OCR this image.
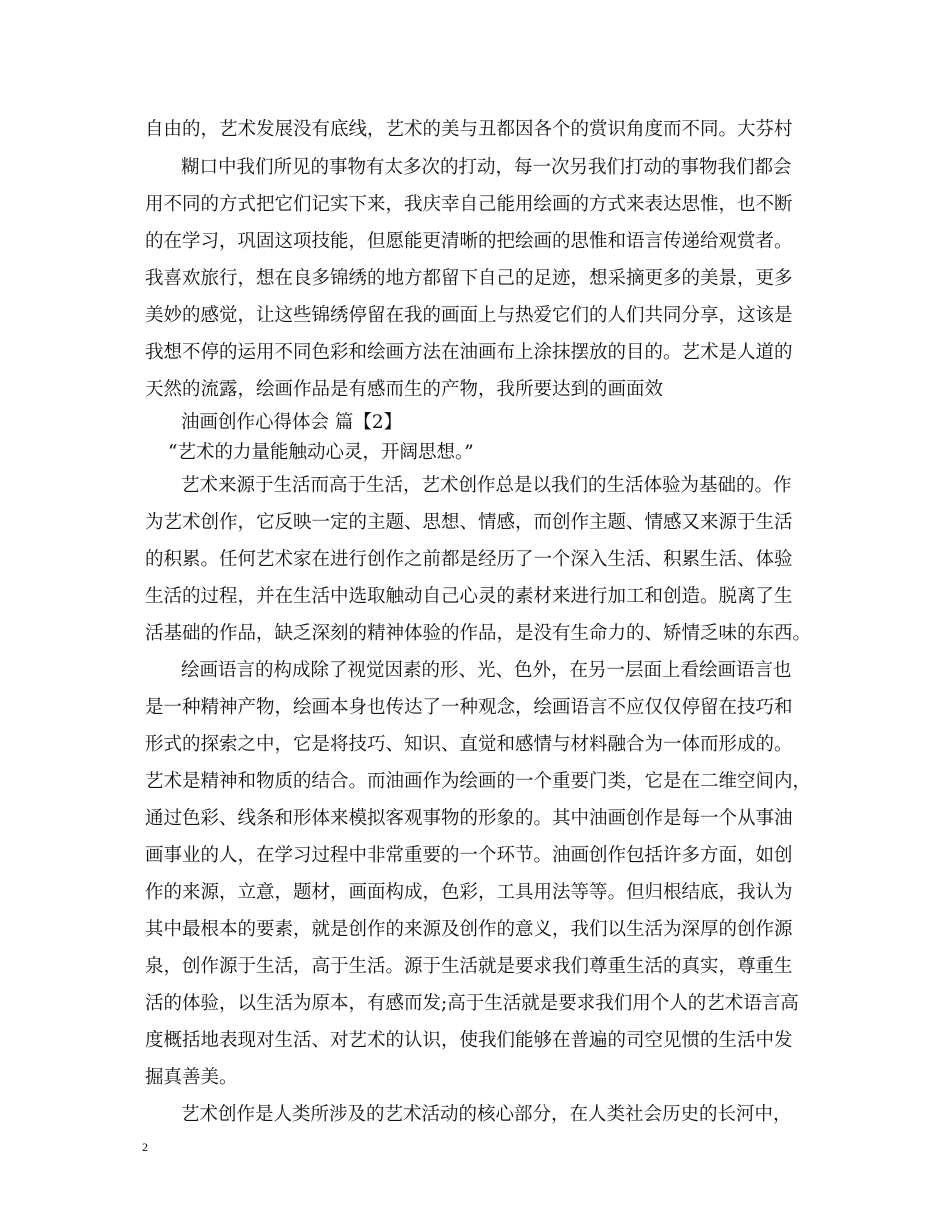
自由的，艺术发展没有底线，艺术的美与丑都因各个的赏识角度而不同。大芬村
糊口中我们所见的事物有太多次的打动，每一次另我们打动的事物我们都会
用不同的方式把它们记实下来，我庆幸自己能用绘画的方式来表达思惟，也不断
的在学习，巩固这项技能，但愿能更清晰的把绘画的思惟和语言传递给观赏者。
我喜欢旅行，想在良多锦绣的地方都留下自己的足迹，想采摘更多的美景，更多
美妙的感觉，让这些锦绣停留在我的画面上与热爱它们的人们共同分享，这该是
我想不停的运用不同色彩和绘画方法在油画布上涂抹摆放的目的。艺术是人道的
天然的流露，绘画作品是有感而生的产物，我所要达到的画面效
油画创作心得体会 篇【2】
“艺术的力量能触动心灵，开阔思想。”
艺术来源于生活而高于生活，艺术创作总是以我们的生活体验为基础的。作
为艺术创作，它反映一定的主题、思想、情感，而创作主题、情感又来源于生活
的积累。任何艺术家在进行创作之前都是经历了一个深入生活、积累生活、体验
生活的过程，并在生活中选取触动自己心灵的素材来进行加工和创造。脱离了生
活基础的作品，缺乏深刻的精神体验的作品，是没有生命力的、矫情乏味的东西。
绘画语言的构成除了视觉因素的形、光、色外，在另一层面上看绘画语言也
是一种精神产物，绘画本身也传达了一种观念，绘画语言不应仅仅停留在技巧和
形式的探索之中，它是将技巧、知识、直觉和感情与材料融合为一体而形成的。
艺术是精神和物质的结合。而油画作为绘画的一个重要门类，它是在二维空间内，
通过色彩、线条和形体来模拟客观事物的形象的。其中油画创作是每一个从事油
画事业的人，在学习过程中非常重要的一个环节。油画创作包括许多方面，如创
作的来源，立意，题材，画面构成，色彩，工具用法等等。但归根结底，我认为
其中最根本的要素，就是创作的来源及创作的意义，我们以生活为深厚的创作源
泉，创作源于生活，高于生活。源于生活就是要求我们尊重生活的真实，尊重生
活的体验，以生活为原本，有感而发;高于生活就是要求我们用个人的艺术语言高
度概括地表现对生活、对艺术的认识，使我们能够在普遍的司空见惯的生活中发
掘真善美。
艺术创作是人类所涉及的艺术活动的核心部分，在人类社会历史的长河中，
2
